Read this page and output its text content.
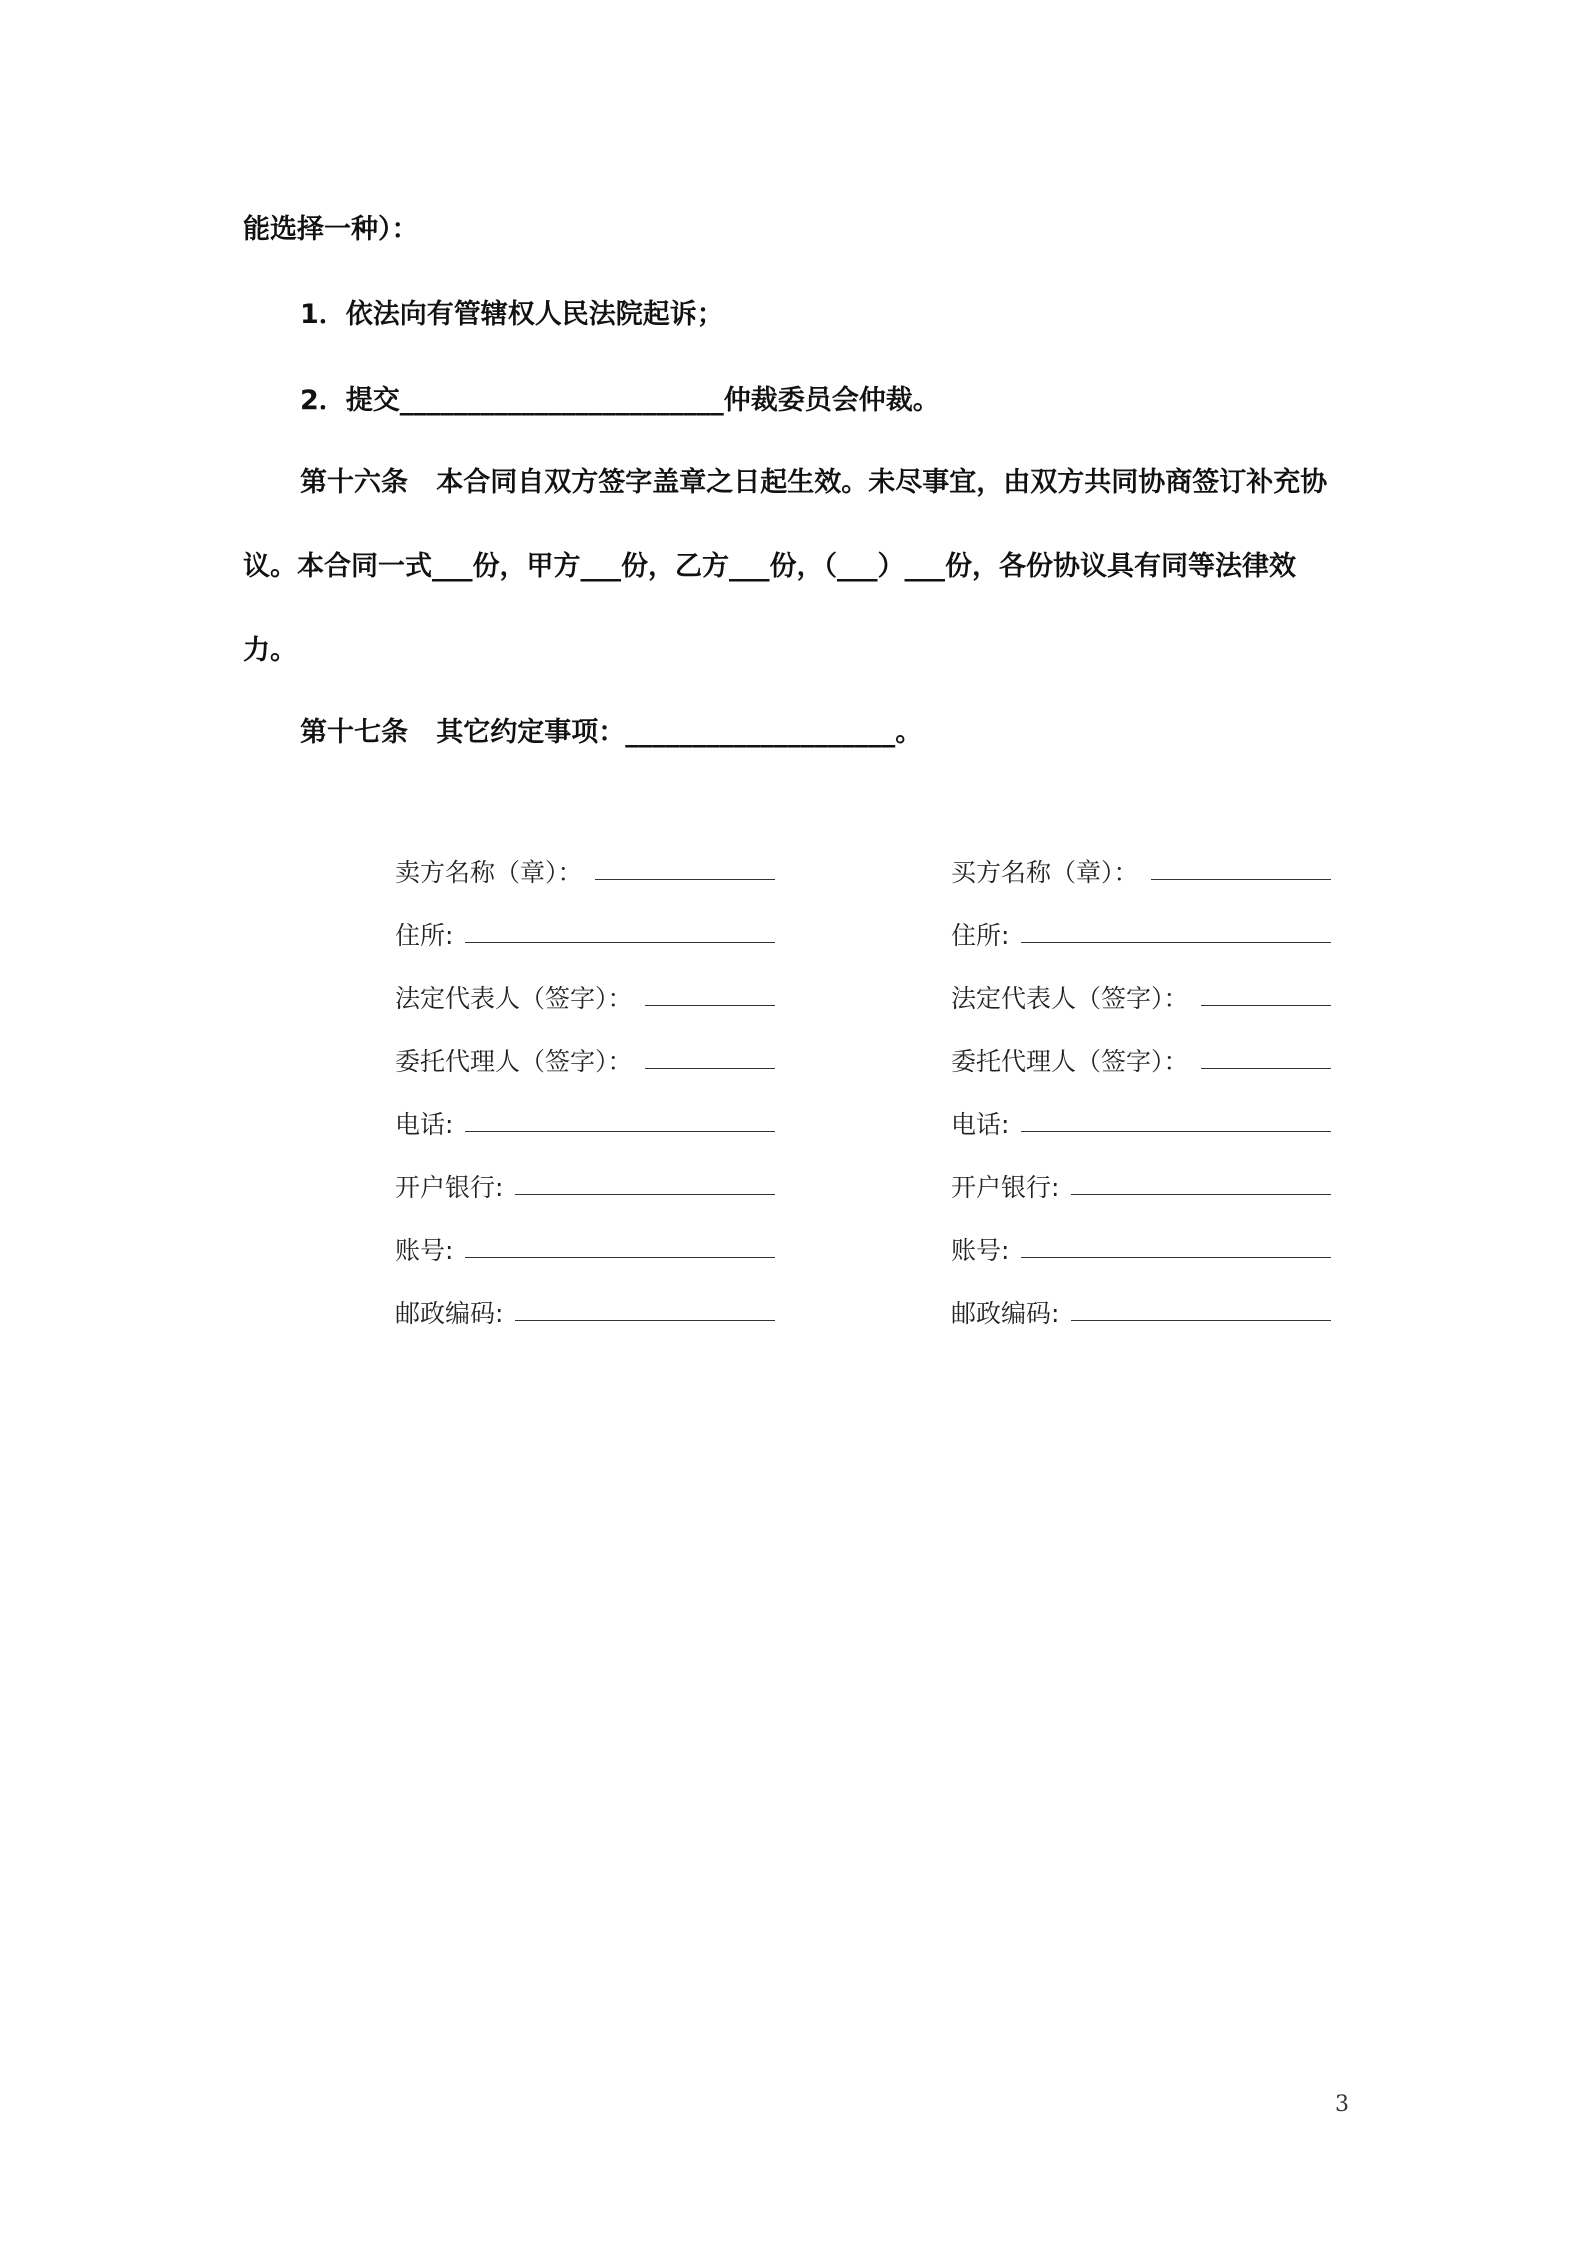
能选择一种）：
1．依法向有管辖权人民法院起诉；
2．提交________________________仲裁委员会仲裁。
第十六条 本合同自双方签字盖章之日起生效。未尽事宜，由双方共同协商签订补充协
议。本合同一式___份，甲方___份，乙方___份，（___）___份，各份协议具有同等法律效
力。
第十七条 其它约定事项：____________________。
卖方名称（章）：
住所:
法定代表人（签字）：
委托代理人（签字）：
电话:
开户银行:
账号:
邮政编码:
买方名称（章）：
住所:
法定代表人（签字）：
委托代理人（签字）：
电话:
开户银行:
账号:
邮政编码:
3
